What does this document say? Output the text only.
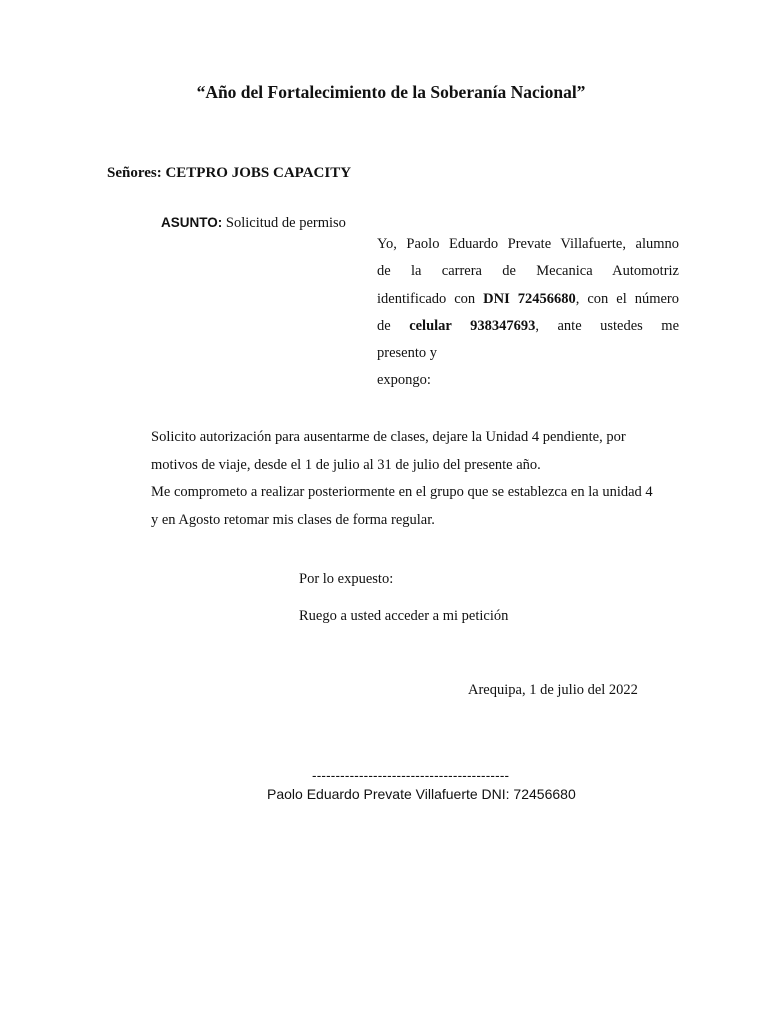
“Año del Fortalecimiento de la Soberanía Nacional”
Señores: CETPRO JOBS CAPACITY
ASUNTO: Solicitud de permiso
Yo, Paolo Eduardo Prevate Villafuerte, alumno
de la carrera de Mecanica Automotriz
identificado con DNI 72456680, con el número
de celular 938347693, ante ustedes me
presento y
expongo:
Solicito autorización para ausentarme de clases, dejare la Unidad 4 pendiente, por
motivos de viaje, desde el 1 de julio al 31 de julio del presente año.
Me comprometo a realizar posteriormente en el grupo que se establezca en la unidad 4
y en Agosto retomar mis clases de forma regular.
Por lo expuesto:
Ruego a usted acceder a mi petición
Arequipa, 1 de julio del 2022
------------------------------------------
Paolo Eduardo Prevate Villafuerte DNI: 72456680
